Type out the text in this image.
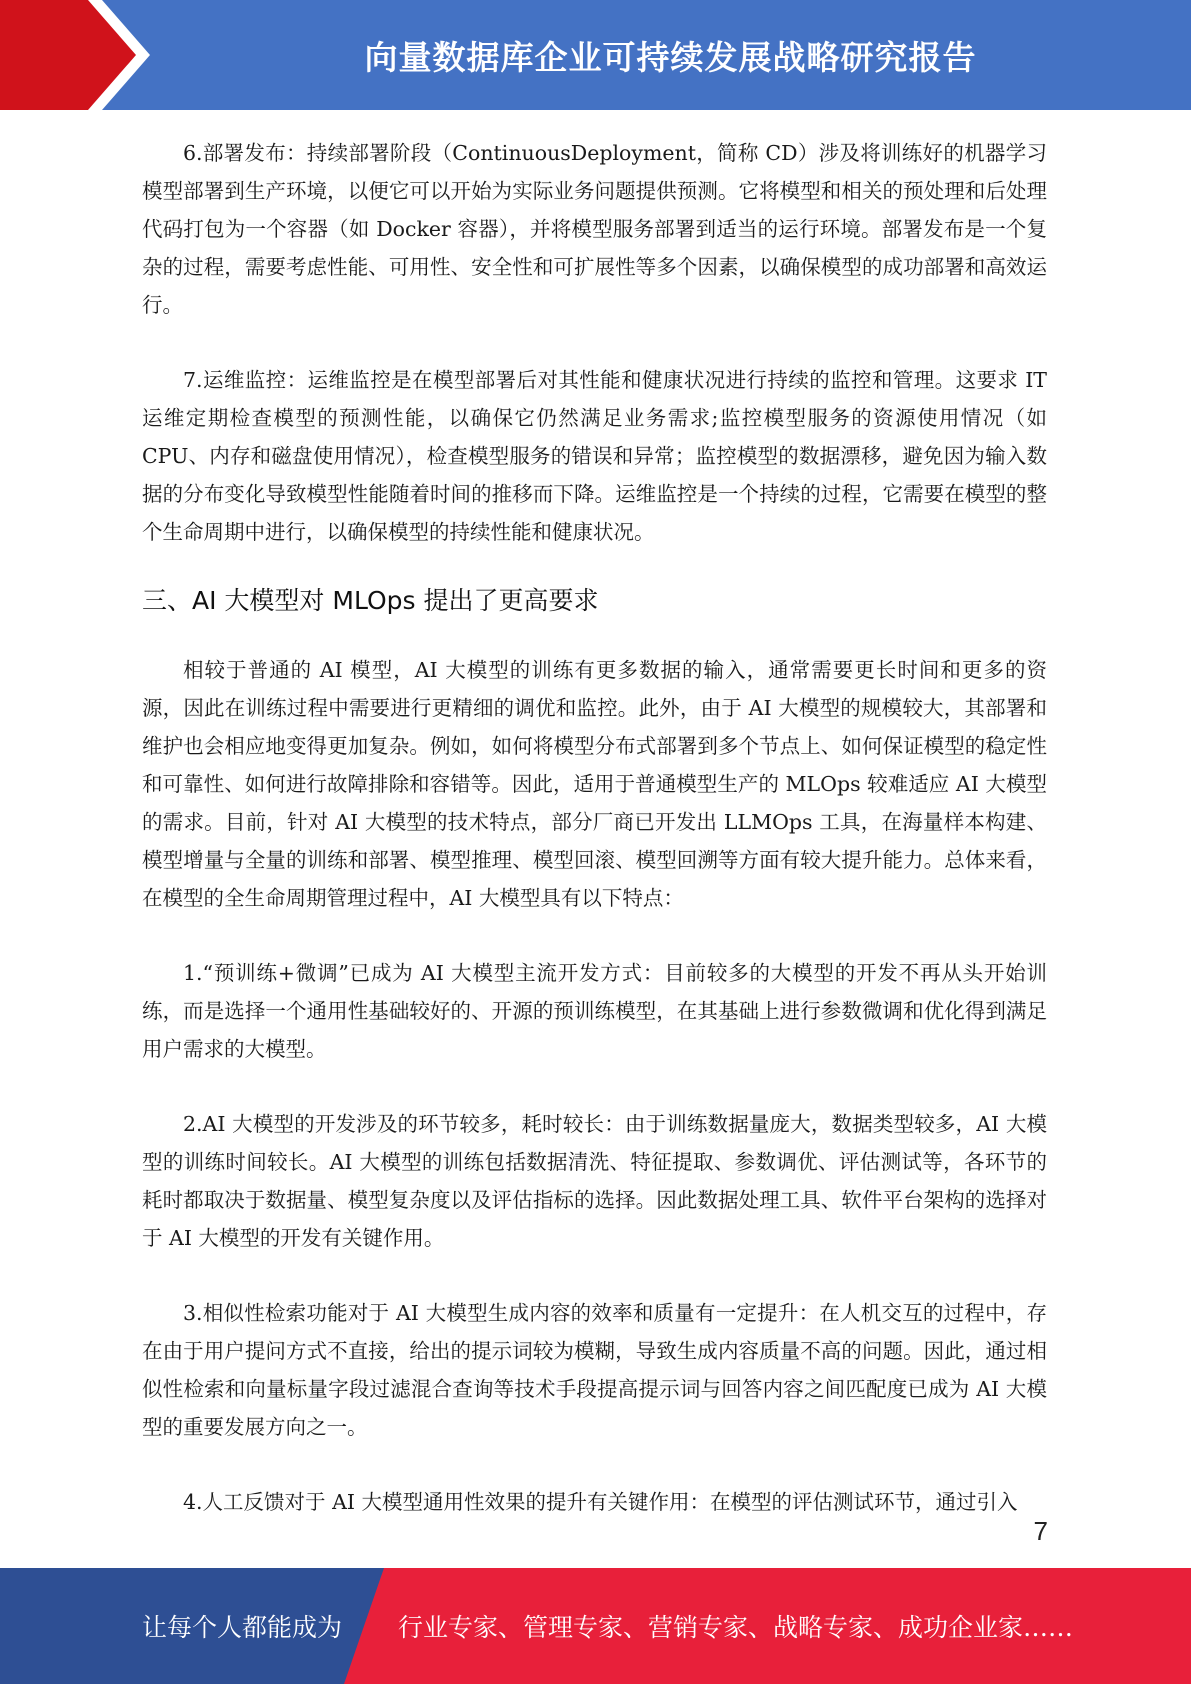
向量数据库企业可持续发展战略研究报告

6.部署发布：持续部署阶段（ContinuousDeployment，简称 CD）涉及将训练好的机器学习模型部署到生产环境，以便它可以开始为实际业务问题提供预测。它将模型和相关的预处理和后处理代码打包为一个容器（如 Docker 容器），并将模型服务部署到适当的运行环境。部署发布是一个复杂的过程，需要考虑性能、可用性、安全性和可扩展性等多个因素，以确保模型的成功部署和高效运行。

7.运维监控：运维监控是在模型部署后对其性能和健康状况进行持续的监控和管理。这要求 IT 运维定期检查模型的预测性能，以确保它仍然满足业务需求;监控模型服务的资源使用情况（如 CPU、内存和磁盘使用情况），检查模型服务的错误和异常；监控模型的数据漂移，避免因为输入数据的分布变化导致模型性能随着时间的推移而下降。运维监控是一个持续的过程，它需要在模型的整个生命周期中进行，以确保模型的持续性能和健康状况。

三、AI 大模型对 MLOps 提出了更高要求

相较于普通的 AI 模型，AI 大模型的训练有更多数据的输入，通常需要更长时间和更多的资源，因此在训练过程中需要进行更精细的调优和监控。此外，由于 AI 大模型的规模较大，其部署和维护也会相应地变得更加复杂。例如，如何将模型分布式部署到多个节点上、如何保证模型的稳定性和可靠性、如何进行故障排除和容错等。因此，适用于普通模型生产的 MLOps 较难适应 AI 大模型的需求。目前，针对 AI 大模型的技术特点，部分厂商已开发出 LLMOps 工具，在海量样本构建、模型增量与全量的训练和部署、模型推理、模型回滚、模型回溯等方面有较大提升能力。总体来看，在模型的全生命周期管理过程中，AI 大模型具有以下特点：

1.“预训练+微调”已成为 AI 大模型主流开发方式：目前较多的大模型的开发不再从头开始训练，而是选择一个通用性基础较好的、开源的预训练模型，在其基础上进行参数微调和优化得到满足用户需求的大模型。

2.AI 大模型的开发涉及的环节较多，耗时较长：由于训练数据量庞大，数据类型较多，AI 大模型的训练时间较长。AI 大模型的训练包括数据清洗、特征提取、参数调优、评估测试等，各环节的耗时都取决于数据量、模型复杂度以及评估指标的选择。因此数据处理工具、软件平台架构的选择对于 AI 大模型的开发有关键作用。

3.相似性检索功能对于 AI 大模型生成内容的效率和质量有一定提升：在人机交互的过程中，存在由于用户提问方式不直接，给出的提示词较为模糊，导致生成内容质量不高的问题。因此，通过相似性检索和向量标量字段过滤混合查询等技术手段提高提示词与回答内容之间匹配度已成为 AI 大模型的重要发展方向之一。

4.人工反馈对于 AI 大模型通用性效果的提升有关键作用：在模型的评估测试环节，通过引入

7
让每个人都能成为 行业专家、管理专家、营销专家、战略专家、成功企业家……
